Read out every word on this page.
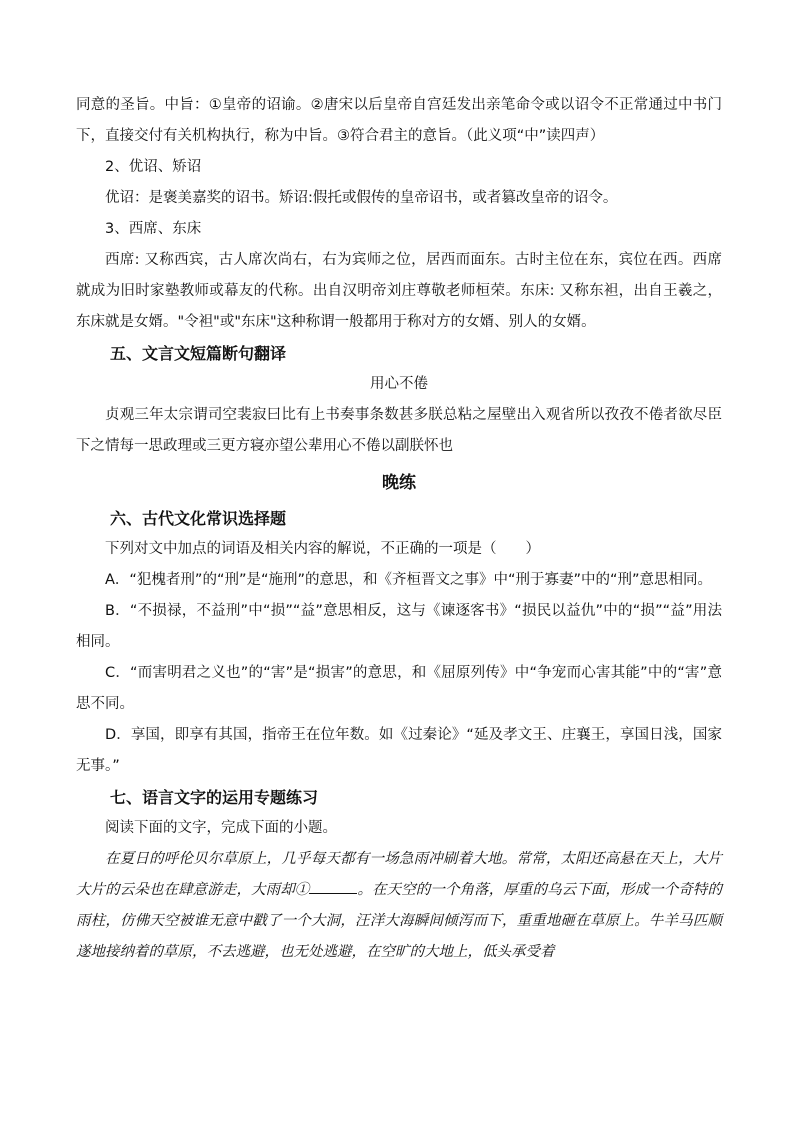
同意的圣旨。中旨：①皇帝的诏谕。②唐宋以后皇帝自宫廷发出亲笔命令或以诏令不正常通过中书门下，直接交付有关机构执行，称为中旨。③符合君主的意旨。（此义项“中”读四声）

2、优诏、矫诏

优诏：是褒美嘉奖的诏书。矫诏:假托或假传的皇帝诏书，或者篡改皇帝的诏令。

3、西席、东床

西席: 又称西宾，古人席次尚右，右为宾师之位，居西而面东。古时主位在东，宾位在西。西席就成为旧时家塾教师或幕友的代称。出自汉明帝刘庄尊敬老师桓荣。东床: 又称东袒，出自王羲之，东床就是女婿。"令袒"或"东床"这种称谓一般都用于称对方的女婿、别人的女婿。

五、文言文短篇断句翻译

用心不倦

贞观三年太宗谓司空裴寂曰比有上书奏事条数甚多朕总粘之屋壁出入观省所以孜孜不倦者欲尽臣下之情每一思政理或三更方寝亦望公辈用心不倦以副朕怀也

晚练

六、古代文化常识选择题

下列对文中加点的词语及相关内容的解说，不正确的一项是（　　）

A．“犯槐者刑”的“刑”是“施刑”的意思，和《齐桓晋文之事》中“刑于寡妻”中的“刑”意思相同。

B．“不损禄，不益刑”中“损”“益”意思相反，这与《谏逐客书》“损民以益仇”中的“损”“益”用法相同。

C．“而害明君之义也”的“害”是“损害”的意思，和《屈原列传》中“争宠而心害其能”中的“害”意思不同。

D．享国，即享有其国，指帝王在位年数。如《过秦论》“延及孝文王、庄襄王，享国日浅，国家无事。”

七、语言文字的运用专题练习

阅读下面的文字，完成下面的小题。

在夏日的呼伦贝尔草原上，几乎每天都有一场急雨冲刷着大地。常常，太阳还高悬在天上，大片大片的云朵也在肆意游走，大雨却①	。在天空的一个角落，厚重的乌云下面，形成一个奇特的雨柱，仿佛天空被谁无意中戳了一个大洞，汪洋大海瞬间倾泻而下，重重地砸在草原上。牛羊马匹顺遂地接纳着的草原，不去逃避，也无处逃避，在空旷的大地上，低头承受着
